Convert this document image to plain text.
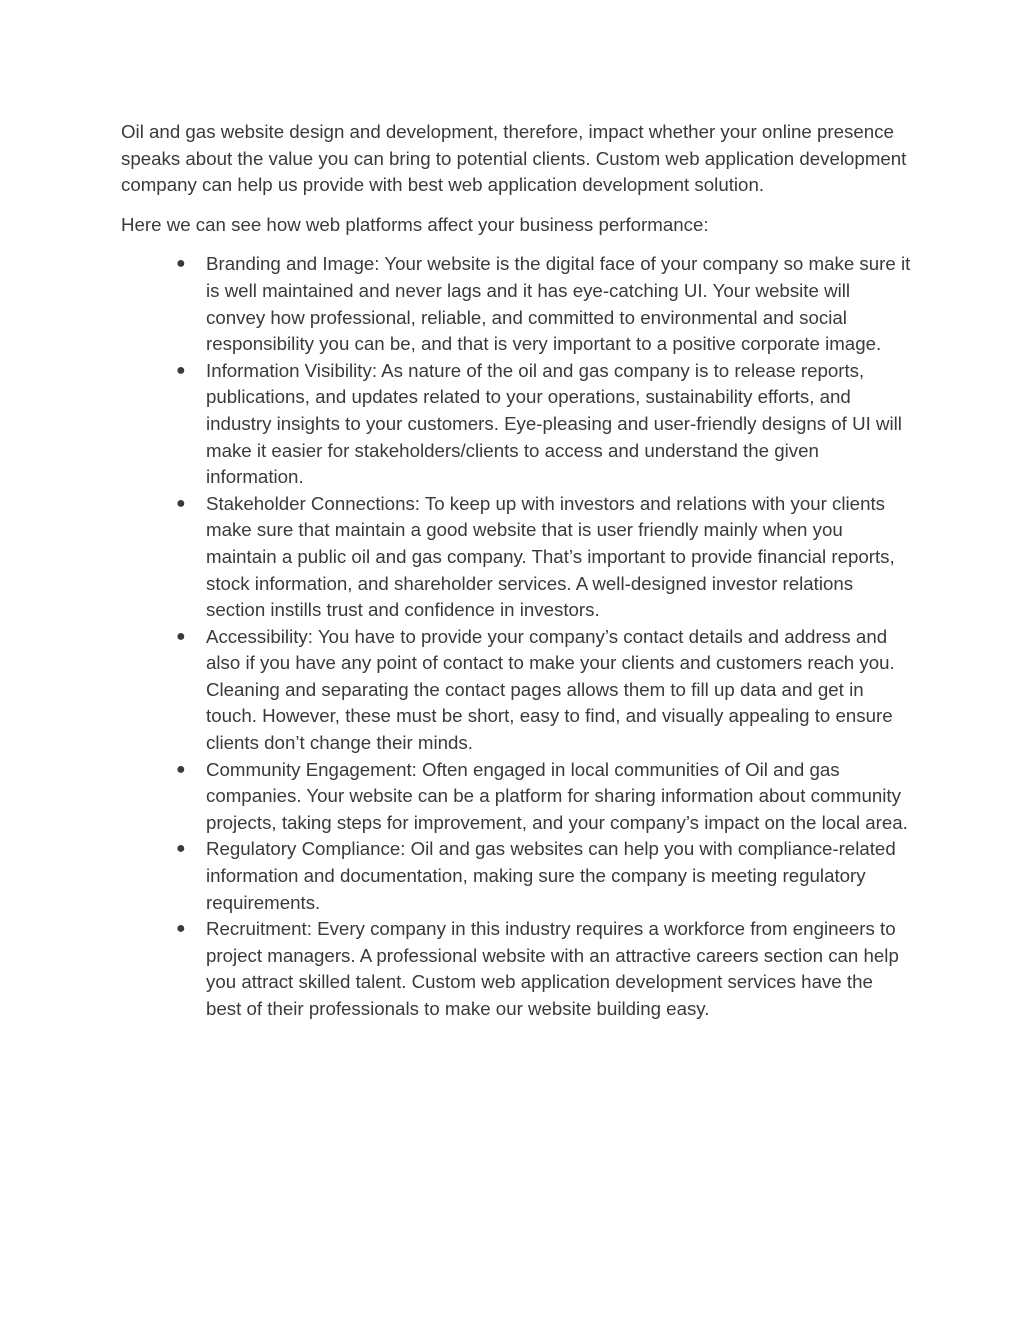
Oil and gas website design and development, therefore, impact whether your online presence speaks about the value you can bring to potential clients. Custom web application development company can help us provide with best web application development solution.

Here we can see how web platforms affect your business performance:

● Branding and Image: Your website is the digital face of your company so make sure it is well maintained and never lags and it has eye-catching UI. Your website will convey how professional, reliable, and committed to environmental and social responsibility you can be, and that is very important to a positive corporate image.
● Information Visibility: As nature of the oil and gas company is to release reports, publications, and updates related to your operations, sustainability efforts, and industry insights to your customers. Eye-pleasing and user-friendly designs of UI will make it easier for stakeholders/clients to access and understand the given information.
● Stakeholder Connections: To keep up with investors and relations with your clients make sure that maintain a good website that is user friendly mainly when you maintain a public oil and gas company. That’s important to provide financial reports, stock information, and shareholder services. A well-designed investor relations section instills trust and confidence in investors.
● Accessibility: You have to provide your company’s contact details and address and also if you have any point of contact to make your clients and customers reach you. Cleaning and separating the contact pages allows them to fill up data and get in touch. However, these must be short, easy to find, and visually appealing to ensure clients don’t change their minds.
● Community Engagement: Often engaged in local communities of Oil and gas companies. Your website can be a platform for sharing information about community projects, taking steps for improvement, and your company’s impact on the local area.
● Regulatory Compliance: Oil and gas websites can help you with compliance-related information and documentation, making sure the company is meeting regulatory requirements.
● Recruitment: Every company in this industry requires a workforce from engineers to project managers. A professional website with an attractive careers section can help you attract skilled talent. Custom web application development services have the best of their professionals to make our website building easy.
